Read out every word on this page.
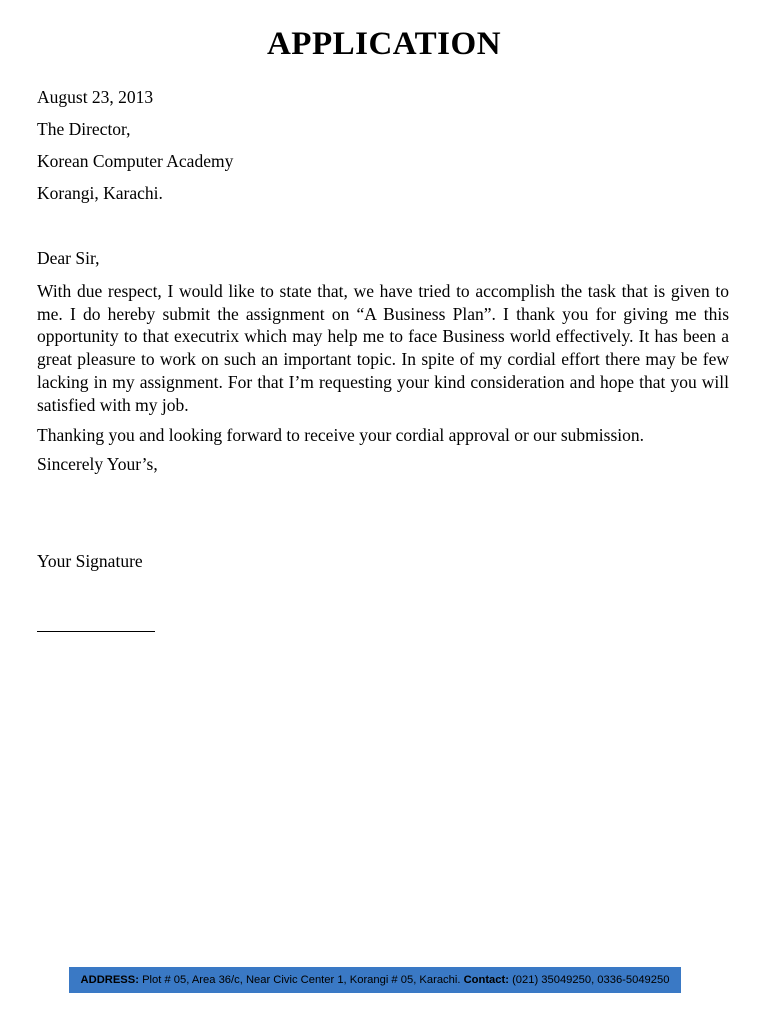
APPLICATION
August 23, 2013
The Director,
Korean Computer Academy
Korangi, Karachi.
Dear Sir,
With due respect, I would like to state that, we have tried to accomplish the task that is given to me. I do hereby submit the assignment on “A Business Plan”. I thank you for giving me this opportunity to that executrix which may help me to face Business world effectively. It has been a great pleasure to work on such an important topic. In spite of my cordial effort there may be few lacking in my assignment. For that I’m requesting your kind consideration and hope that you will satisfied with my job.
Thanking you and looking forward to receive your cordial approval or our submission.
Sincerely Your’s,
Your Signature
ADDRESS: Plot # 05, Area 36/c, Near Civic Center 1, Korangi # 05, Karachi. Contact: (021) 35049250, 0336-5049250
